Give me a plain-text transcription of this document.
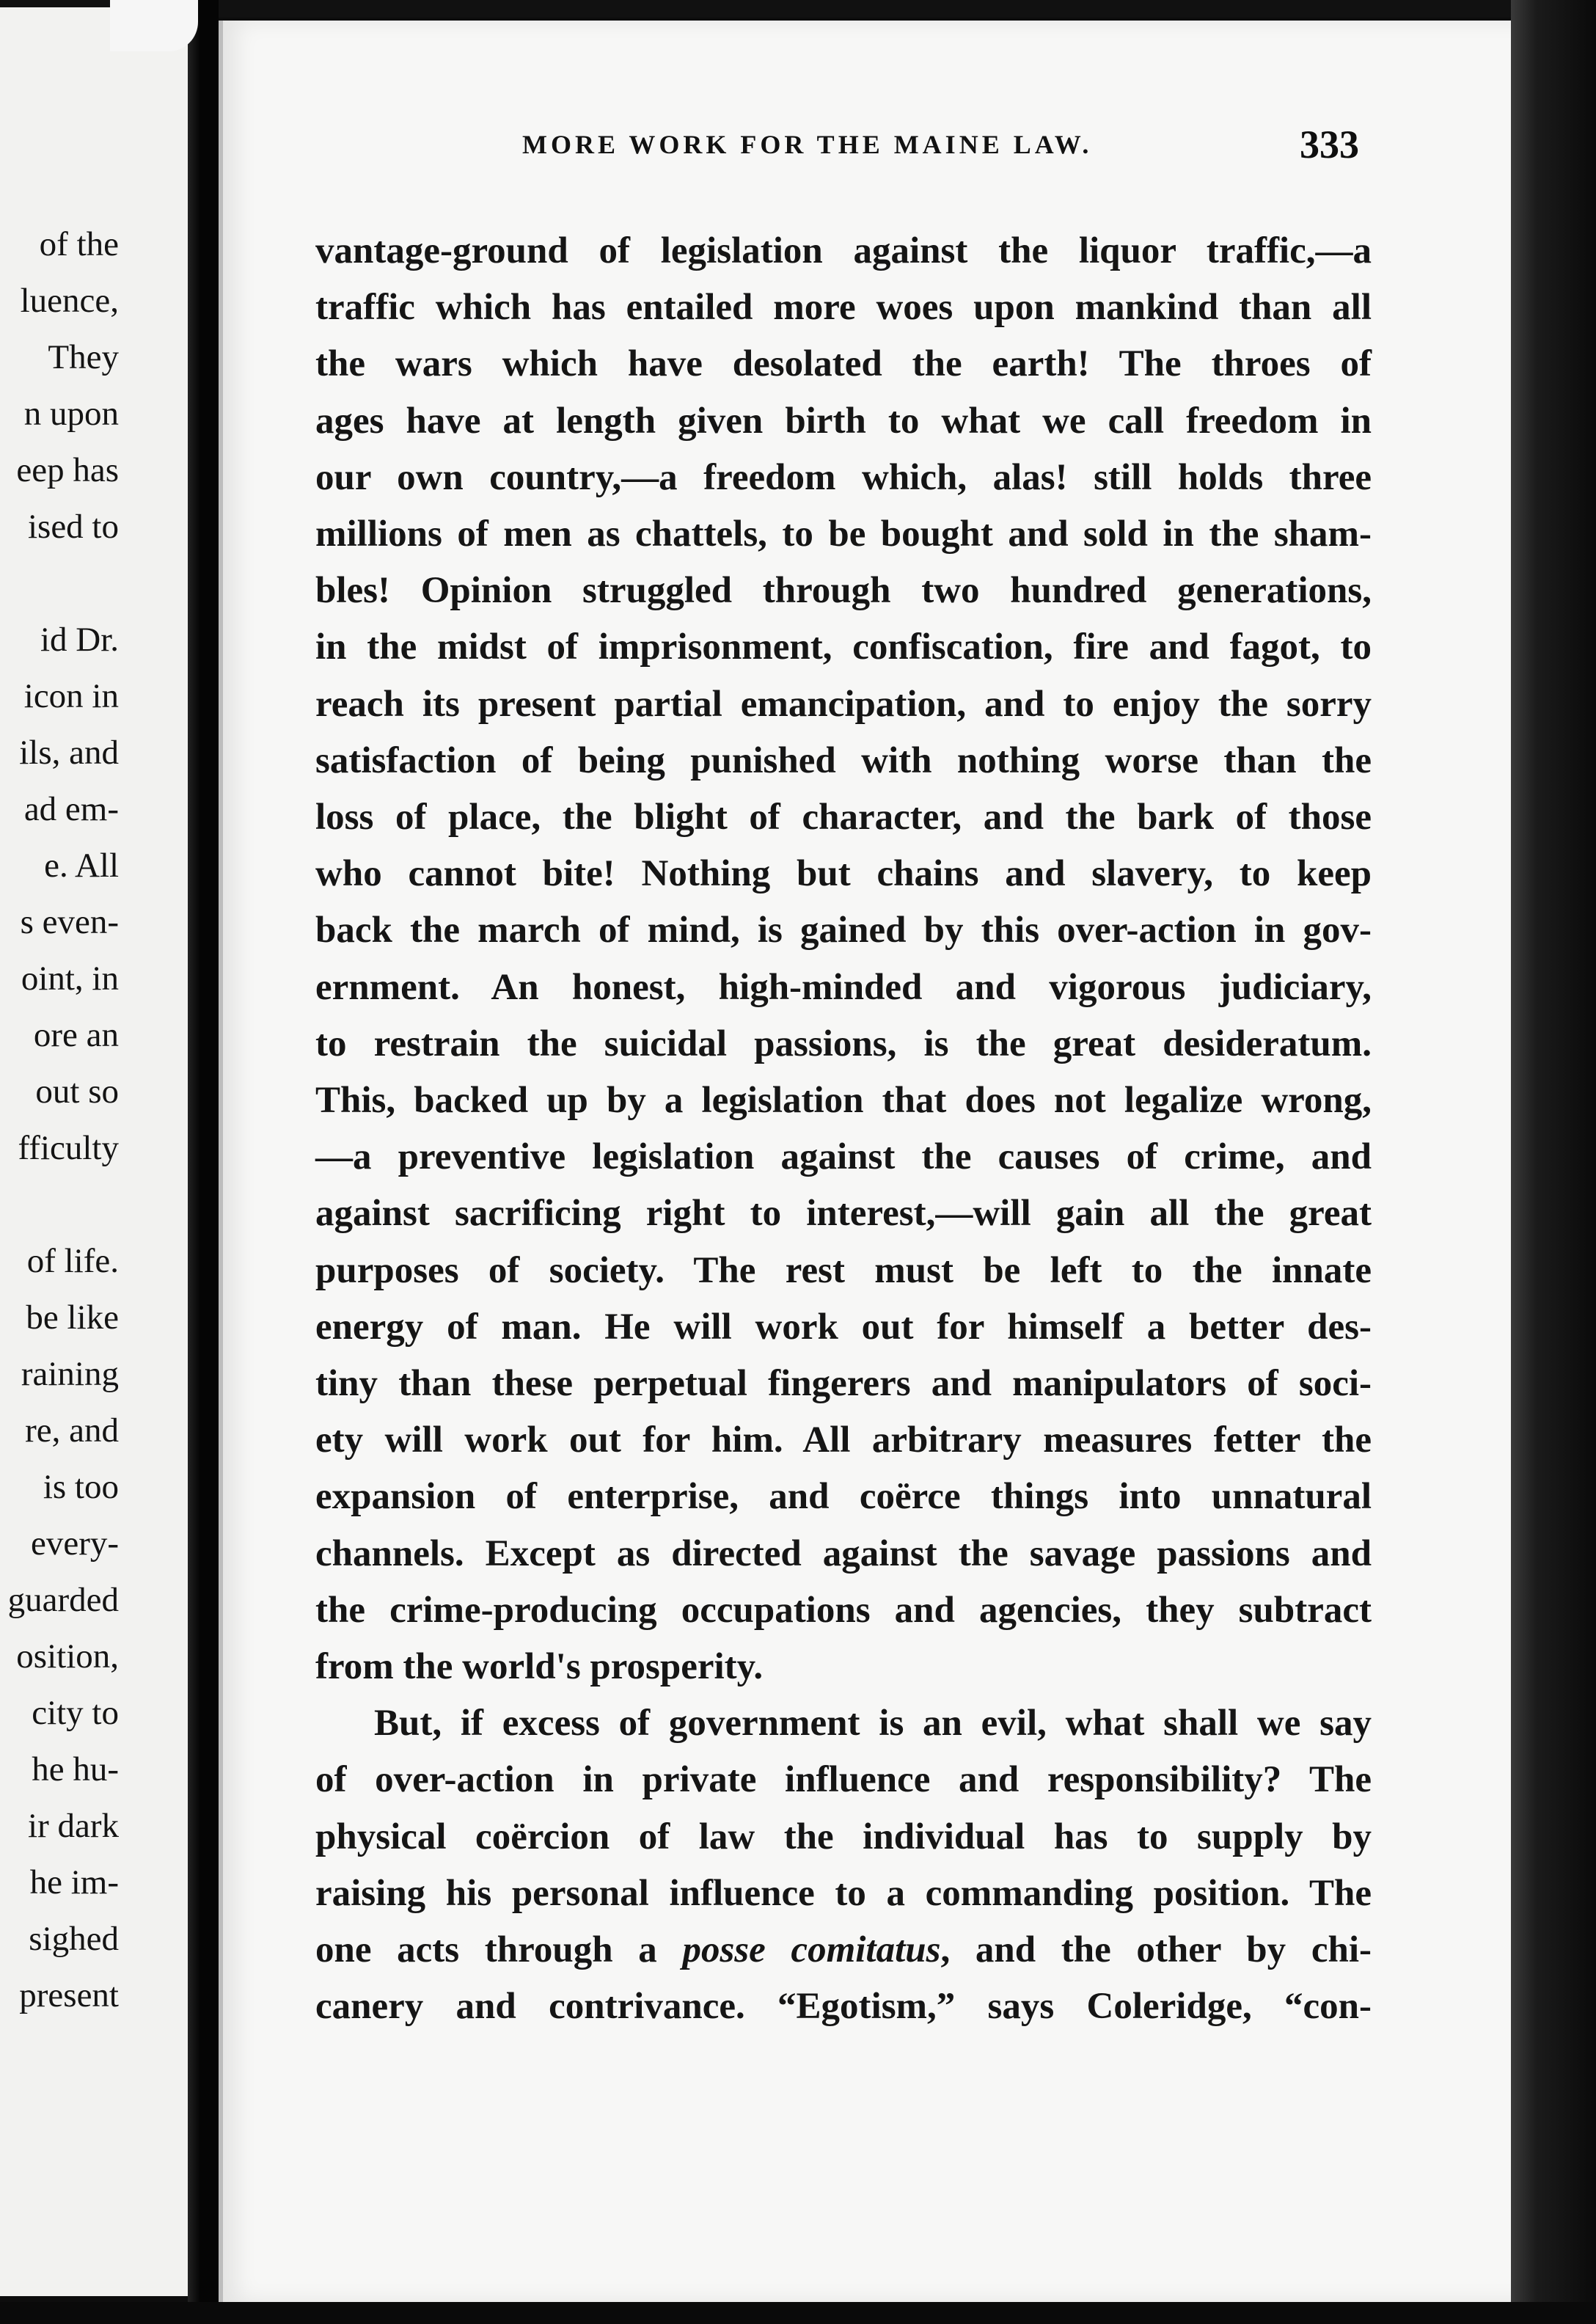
of the
luence,
They
n upon
eep has
ised to
id Dr.
icon in
ils, and
ad em-
e. All
s even-
oint, in
ore an
out so
fficulty
of life.
be like
raining
re, and
is too
every-
guarded
osition,
city to
he hu-
ir dark
he im-
sighed
present
MORE WORK FOR THE MAINE LAW.	333
vantage-ground of legislation against the liquor traffic,—a
traffic which has entailed more woes upon mankind than all
the wars which have desolated the earth! The throes of
ages have at length given birth to what we call freedom in
our own country,—a freedom which, alas! still holds three
millions of men as chattels, to be bought and sold in the sham-
bles! Opinion struggled through two hundred generations,
in the midst of imprisonment, confiscation, fire and fagot, to
reach its present partial emancipation, and to enjoy the sorry
satisfaction of being punished with nothing worse than the
loss of place, the blight of character, and the bark of those
who cannot bite! Nothing but chains and slavery, to keep
back the march of mind, is gained by this over-action in gov-
ernment. An honest, high-minded and vigorous judiciary,
to restrain the suicidal passions, is the great desideratum.
This, backed up by a legislation that does not legalize wrong,
—a preventive legislation against the causes of crime, and
against sacrificing right to interest,—will gain all the great
purposes of society. The rest must be left to the innate
energy of man. He will work out for himself a better des-
tiny than these perpetual fingerers and manipulators of soci-
ety will work out for him. All arbitrary measures fetter the
expansion of enterprise, and coërce things into unnatural
channels. Except as directed against the savage passions and
the crime-producing occupations and agencies, they subtract
from the world's prosperity.
But, if excess of government is an evil, what shall we say
of over-action in private influence and responsibility? The
physical coërcion of law the individual has to supply by
raising his personal influence to a commanding position. The
one acts through a posse comitatus, and the other by chi-
canery and contrivance. “Egotism,” says Coleridge, “con-
